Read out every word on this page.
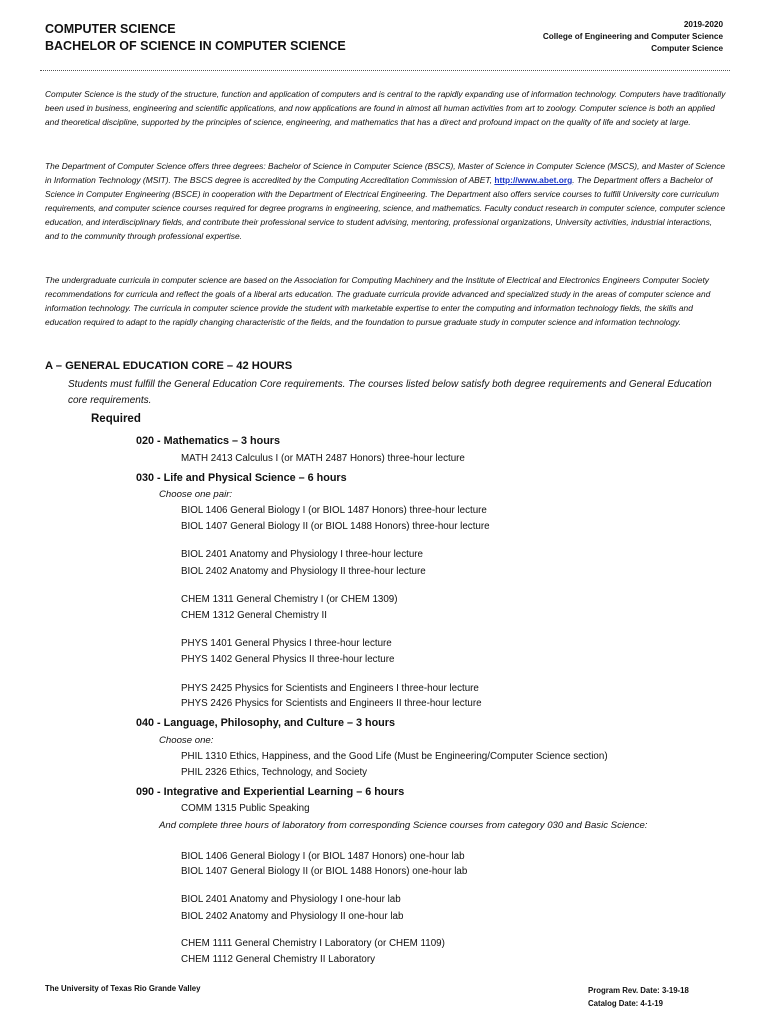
COMPUTER SCIENCE
BACHELOR OF SCIENCE IN COMPUTER SCIENCE
2019-2020
College of Engineering and Computer Science
Computer Science
Computer Science is the study of the structure, function and application of computers and is central to the rapidly expanding use of information technology. Computers have traditionally been used in business, engineering and scientific applications, and now applications are found in almost all human activities from art to zoology. Computer science is both an applied and theoretical discipline, supported by the principles of science, engineering, and mathematics that has a direct and profound impact on the quality of life and society at large.
The Department of Computer Science offers three degrees: Bachelor of Science in Computer Science (BSCS), Master of Science in Computer Science (MSCS), and Master of Science in Information Technology (MSIT). The BSCS degree is accredited by the Computing Accreditation Commission of ABET, http://www.abet.org. The Department offers a Bachelor of Science in Computer Engineering (BSCE) in cooperation with the Department of Electrical Engineering. The Department also offers service courses to fulfill University core curriculum requirements, and computer science courses required for degree programs in engineering, science, and mathematics. Faculty conduct research in computer science, computer science education, and interdisciplinary fields, and contribute their professional service to student advising, mentoring, professional organizations, University activities, industrial interactions, and to the community through professional expertise.
The undergraduate curricula in computer science are based on the Association for Computing Machinery and the Institute of Electrical and Electronics Engineers Computer Society recommendations for curricula and reflect the goals of a liberal arts education. The graduate curricula provide advanced and specialized study in the areas of computer science and information technology. The curricula in computer science provide the student with marketable expertise to enter the computing and information technology fields, the skills and education required to adapt to the rapidly changing characteristic of the fields, and the foundation to pursue graduate study in computer science and information technology.
A – GENERAL EDUCATION CORE – 42 HOURS
Students must fulfill the General Education Core requirements. The courses listed below satisfy both degree requirements and General Education core requirements.
Required
020 - Mathematics – 3 hours
MATH 2413 Calculus I (or MATH 2487 Honors) three-hour lecture
030 - Life and Physical Science – 6 hours
Choose one pair:
BIOL 1406 General Biology I (or BIOL 1487 Honors) three-hour lecture
BIOL 1407 General Biology II (or BIOL 1488 Honors) three-hour lecture
BIOL 2401 Anatomy and Physiology I three-hour lecture
BIOL 2402 Anatomy and Physiology II three-hour lecture
CHEM 1311 General Chemistry I (or CHEM 1309)
CHEM 1312 General Chemistry II
PHYS 1401 General Physics I three-hour lecture
PHYS 1402 General Physics II three-hour lecture
PHYS 2425 Physics for Scientists and Engineers I three-hour lecture
PHYS 2426 Physics for Scientists and Engineers II three-hour lecture
040 - Language, Philosophy, and Culture – 3 hours
Choose one:
PHIL 1310 Ethics, Happiness, and the Good Life (Must be Engineering/Computer Science section)
PHIL 2326 Ethics, Technology, and Society
090 - Integrative and Experiential Learning – 6 hours
COMM 1315 Public Speaking
And complete three hours of laboratory from corresponding Science courses from category 030 and Basic Science:
BIOL 1406 General Biology I (or BIOL 1487 Honors) one-hour lab
BIOL 1407 General Biology II (or BIOL 1488 Honors) one-hour lab
BIOL 2401 Anatomy and Physiology I one-hour lab
BIOL 2402 Anatomy and Physiology II one-hour lab
CHEM 1111 General Chemistry I Laboratory (or CHEM 1109)
CHEM 1112 General Chemistry II Laboratory
The University of Texas Rio Grande Valley	Program Rev. Date: 3-19-18
Catalog Date: 4-1-19
